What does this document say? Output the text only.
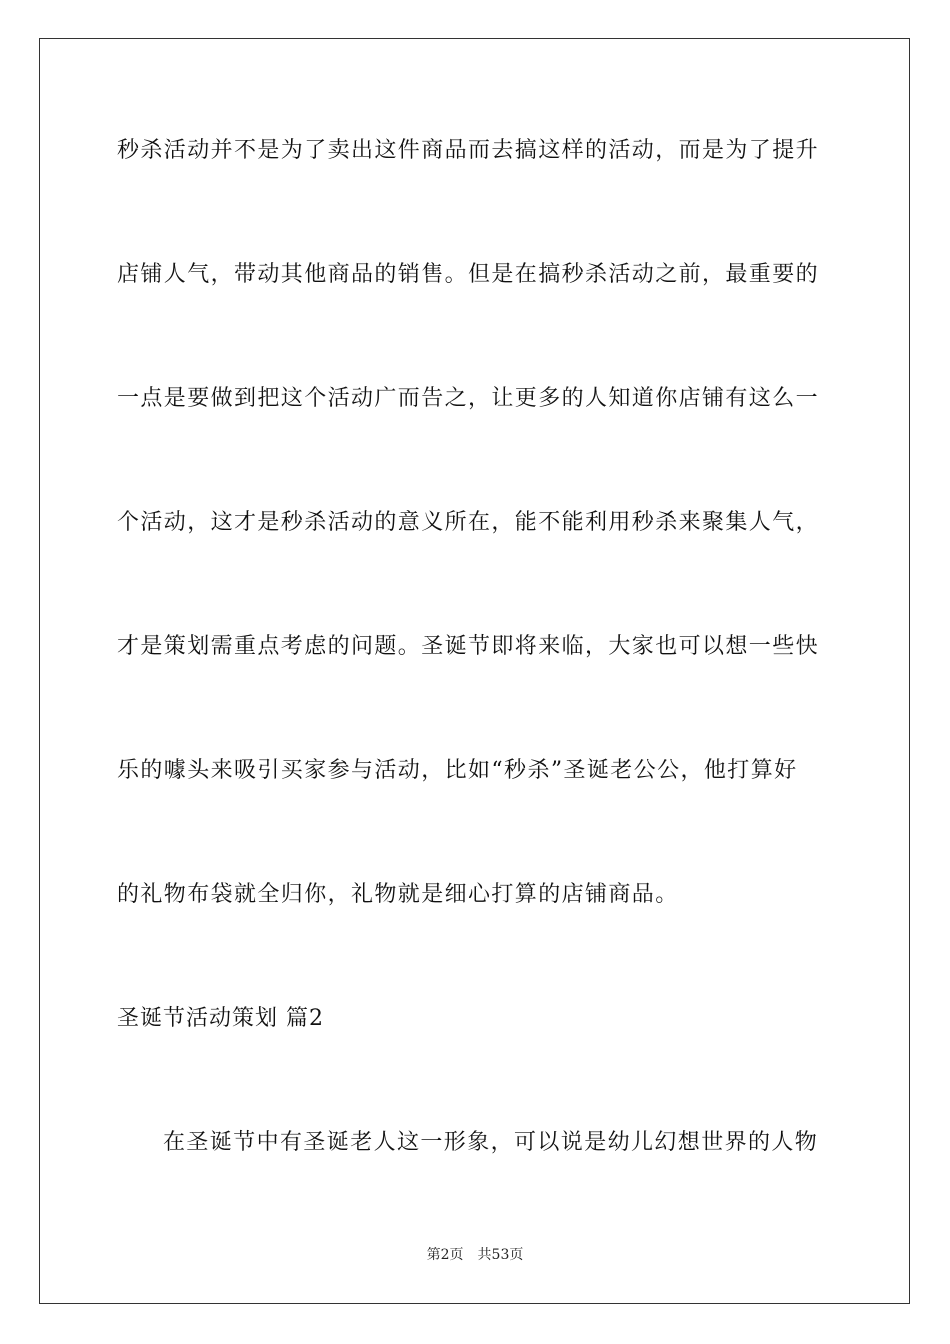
秒杀活动并不是为了卖出这件商品而去搞这样的活动，而是为了提升
店铺人气，带动其他商品的销售。但是在搞秒杀活动之前，最重要的
一点是要做到把这个活动广而告之，让更多的人知道你店铺有这么一
个活动，这才是秒杀活动的意义所在，能不能利用秒杀来聚集人气，
才是策划需重点考虑的问题。圣诞节即将来临，大家也可以想一些快
乐的噱头来吸引买家参与活动，比如“秒杀”圣诞老公公，他打算好
的礼物布袋就全归你，礼物就是细心打算的店铺商品。
圣诞节活动策划 篇2
在圣诞节中有圣诞老人这一形象，可以说是幼儿幻想世界的人物
第2页 共53页
